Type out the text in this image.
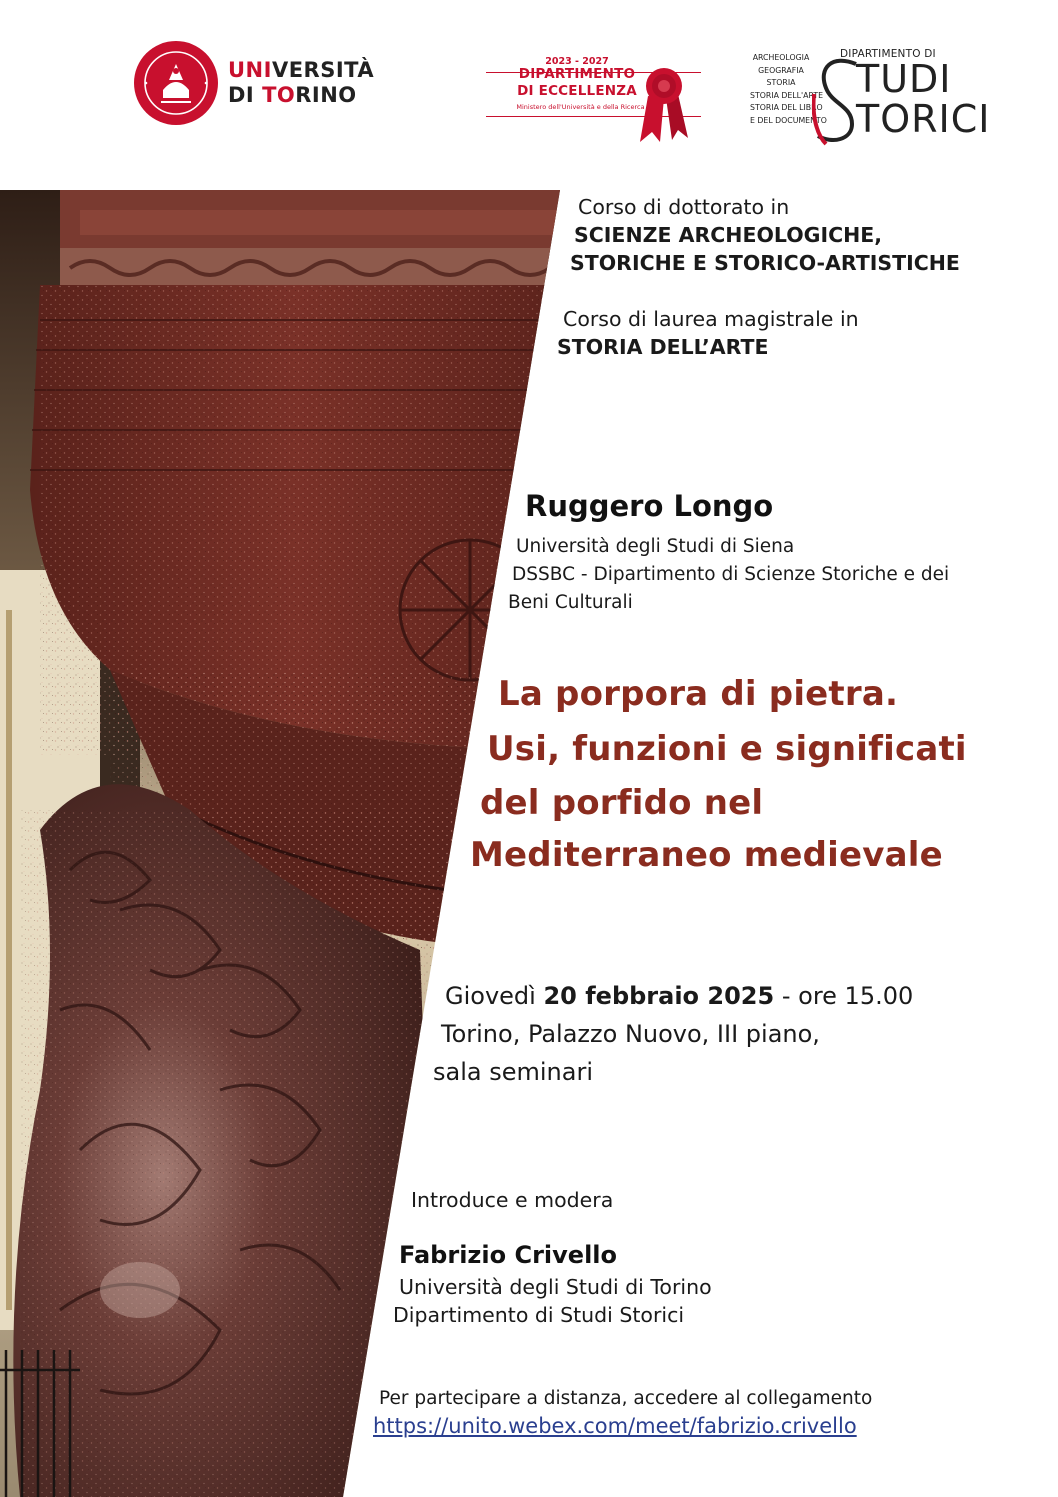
UNIVERSITÀ
DI TORINO
2023 - 2027
DIPARTIMENTO
DI ECCELLENZA
Ministero dell'Università e della Ricerca
ARCHEOLOGIA
GEOGRAFIA
STORIA
STORIA DELL'ARTE
STORIA DEL LIBRO
E DEL DOCUMENTO
DIPARTIMENTO DI
TUDI
TORICI
Corso di dottorato in
SCIENZE ARCHEOLOGICHE,
STORICHE E STORICO-ARTISTICHE
Corso di laurea magistrale in
STORIA DELL’ARTE
Ruggero Longo
Università degli Studi di Siena
DSSBC - Dipartimento di Scienze Storiche e dei
Beni Culturali
La porpora di pietra.
Usi, funzioni e significati
del porfido nel
Mediterraneo medievale
Giovedì 20 febbraio 2025 - ore 15.00
Torino, Palazzo Nuovo, III piano,
sala seminari
Introduce e modera
Fabrizio Crivello
Università degli Studi di Torino
Dipartimento di Studi Storici
Per partecipare a distanza, accedere al collegamento
https://unito.webex.com/meet/fabrizio.crivello
